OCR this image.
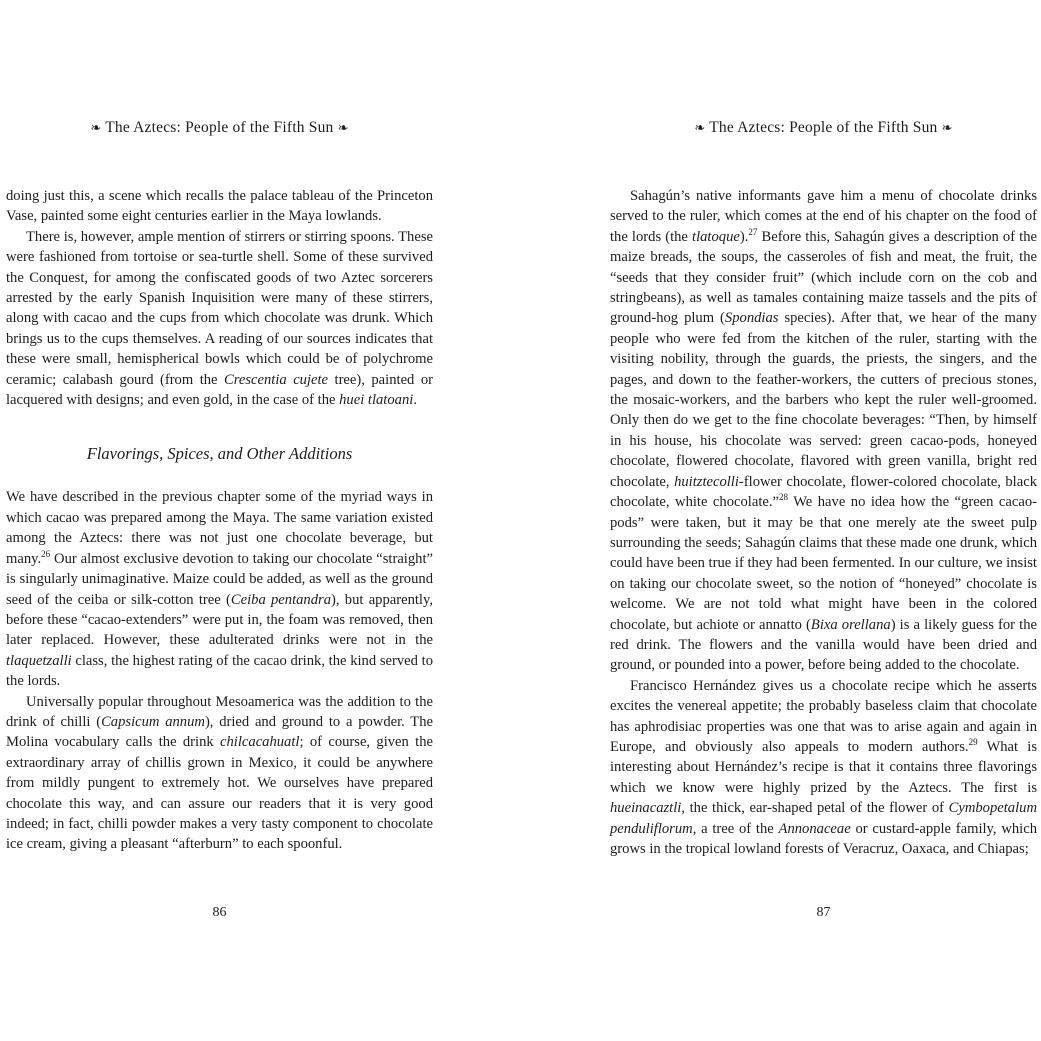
❧ The Aztecs: People of the Fifth Sun ❧

doing just this, a scene which recalls the palace tableau of the Princeton Vase, painted some eight centuries earlier in the Maya lowlands.

There is, however, ample mention of stirrers or stirring spoons. These were fashioned from tortoise or sea-turtle shell. Some of these survived the Conquest, for among the confiscated goods of two Aztec sorcerers arrested by the early Spanish Inquisition were many of these stirrers, along with cacao and the cups from which chocolate was drunk. Which brings us to the cups themselves. A reading of our sources indicates that these were small, hemispherical bowls which could be of polychrome ceramic; calabash gourd (from the Crescentia cujete tree), painted or lacquered with designs; and even gold, in the case of the huei tlatoani.

Flavorings, Spices, and Other Additions

We have described in the previous chapter some of the myriad ways in which cacao was prepared among the Maya. The same variation existed among the Aztecs: there was not just one chocolate beverage, but many.$^{26}$ Our almost exclusive devotion to taking our chocolate “straight” is singularly unimaginative. Maize could be added, as well as the ground seed of the ceiba or silk-cotton tree (Ceiba pentandra), but apparently, before these “cacao-extenders” were put in, the foam was removed, then later replaced. However, these adulterated drinks were not in the tlaquetzalli class, the highest rating of the cacao drink, the kind served to the lords.

Universally popular throughout Mesoamerica was the addition to the drink of chilli (Capsicum annum), dried and ground to a powder. The Molina vocabulary calls the drink chilcacahuatl; of course, given the extraordinary array of chillis grown in Mexico, it could be anywhere from mildly pungent to extremely hot. We ourselves have prepared chocolate this way, and can assure our readers that it is very good indeed; in fact, chilli powder makes a very tasty component to chocolate ice cream, giving a pleasant “afterburn” to each spoonful.

86
❧ The Aztecs: People of the Fifth Sun ❧

Sahagún’s native informants gave him a menu of chocolate drinks served to the ruler, which comes at the end of his chapter on the food of the lords (the tlatoque).$^{27}$ Before this, Sahagún gives a description of the maize breads, the soups, the casseroles of fish and meat, the fruit, the “seeds that they consider fruit” (which include corn on the cob and stringbeans), as well as tamales containing maize tassels and the pits of ground-hog plum (Spondias species). After that, we hear of the many people who were fed from the kitchen of the ruler, starting with the visiting nobility, through the guards, the priests, the singers, and the pages, and down to the feather-workers, the cutters of precious stones, the mosaic-workers, and the barbers who kept the ruler well-groomed. Only then do we get to the fine chocolate beverages: “Then, by himself in his house, his chocolate was served: green cacao-pods, honeyed chocolate, flowered chocolate, flavored with green vanilla, bright red chocolate, huitztecolli-flower chocolate, flower-colored chocolate, black chocolate, white chocolate.”$^{28}$ We have no idea how the “green cacao-pods” were taken, but it may be that one merely ate the sweet pulp surrounding the seeds; Sahagún claims that these made one drunk, which could have been true if they had been fermented. In our culture, we insist on taking our chocolate sweet, so the notion of “honeyed” chocolate is welcome. We are not told what might have been in the colored chocolate, but achiote or annatto (Bixa orellana) is a likely guess for the red drink. The flowers and the vanilla would have been dried and ground, or pounded into a power, before being added to the chocolate.

Francisco Hernández gives us a chocolate recipe which he asserts excites the venereal appetite; the probably baseless claim that chocolate has aphrodisiac properties was one that was to arise again and again in Europe, and obviously also appeals to modern authors.$^{29}$ What is interesting about Hernández’s recipe is that it contains three flavorings which we know were highly prized by the Aztecs. The first is hueinacaztli, the thick, ear-shaped petal of the flower of Cymbopetalum penduliflorum, a tree of the Annonaceae or custard-apple family, which grows in the tropical lowland forests of Veracruz, Oaxaca, and Chiapas;

87
